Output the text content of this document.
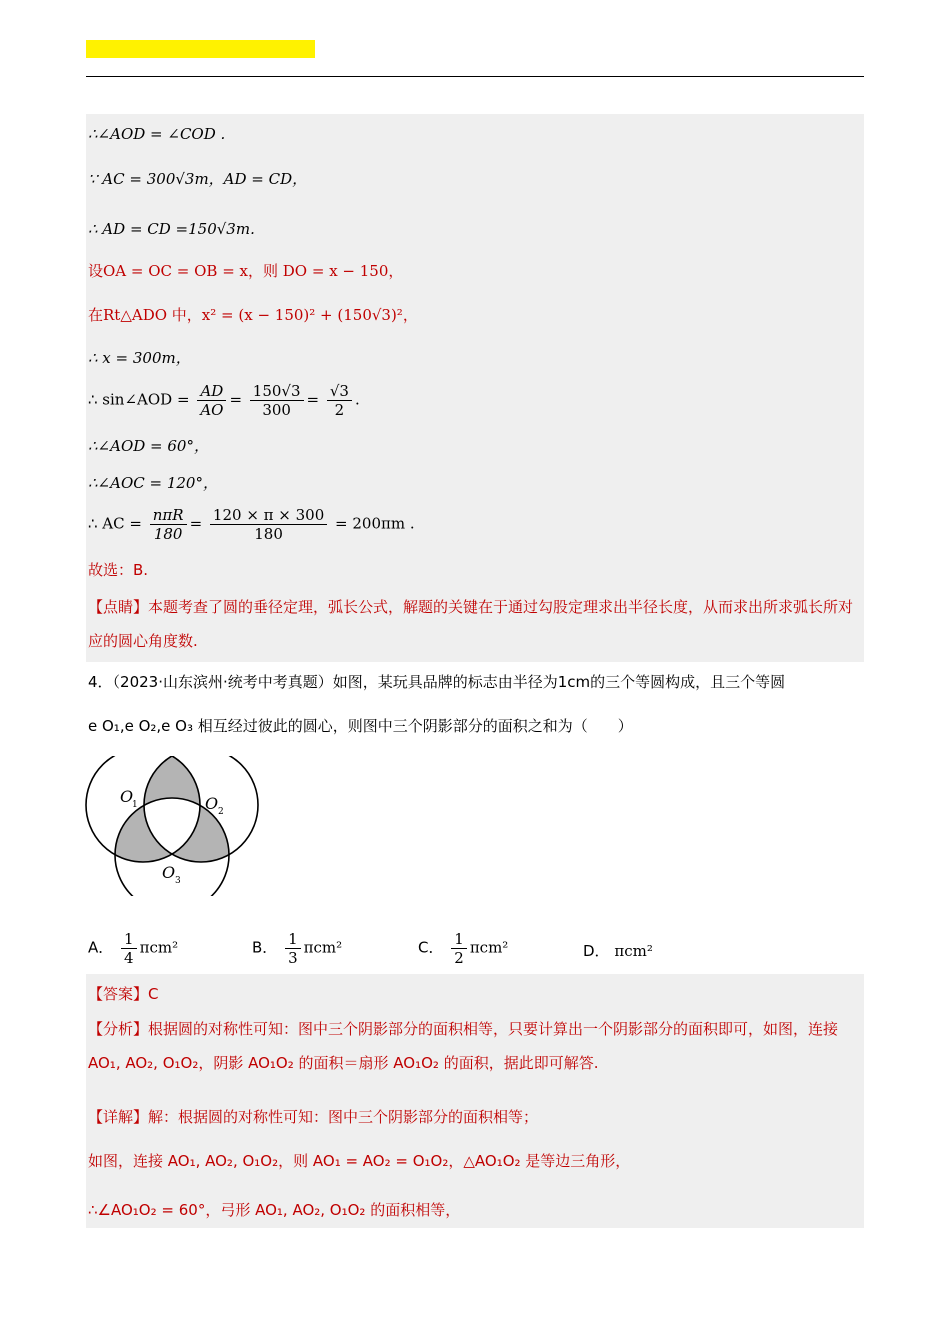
∴∠AOD = ∠COD .
∵ AC = 300√3m，AD = CD，
∴ AD = CD =150√3m.
设OA = OC = OB = x，则 DO = x − 150，
在Rt△ADO 中，x² = (x − 150)² + (150√3)²，
∴ x = 300m，
∴ sin∠AOD = $\frac{AD}{AO} = \frac{150√3}{300} = \frac{√3}{2}$ .
∴∠AOD = 60°，
∴∠AOC = 120°，
∴ AC = $\frac{\text{nπR}}{180} = \frac{120 \times \pi \times 300}{180} = 200\pi m$ .
故选：B.
【点睛】本题考查了圆的垂径定理，弧长公式，解题的关键在于通过勾股定理求出半径长度，从而求出所求弧长所对应的圆心角度数.
4．（2023·山东滨州·统考中考真题）如图，某玩具品牌的标志由半径为1cm的三个等圆构成，且三个等圆
e O₁,e O₂,e O₃ 相互经过彼此的圆心，则图中三个阴影部分的面积之和为（　　）
O
1	O 2
O 3
A． $\frac{1}{4} \pi cm^2$	B． $\frac{1}{3} \pi cm^2$	C． $\frac{1}{2} \pi cm^2$	D． πcm²
【答案】C
【分析】根据圆的对称性可知：图中三个阴影部分的面积相等，只要计算出一个阴影部分的面积即可，如图，连接 AO₁, AO₂, O₁O₂，阴影 AO₁O₂ 的面积＝扇形 AO₁O₂ 的面积，据此即可解答.
【详解】解：根据圆的对称性可知：图中三个阴影部分的面积相等；
如图，连接 AO₁, AO₂, O₁O₂，则 AO₁ = AO₂ = O₁O₂，△AO₁O₂ 是等边三角形，
∴∠AO₁O₂ = 60°，弓形 AO₁, AO₂, O₁O₂ 的面积相等，
